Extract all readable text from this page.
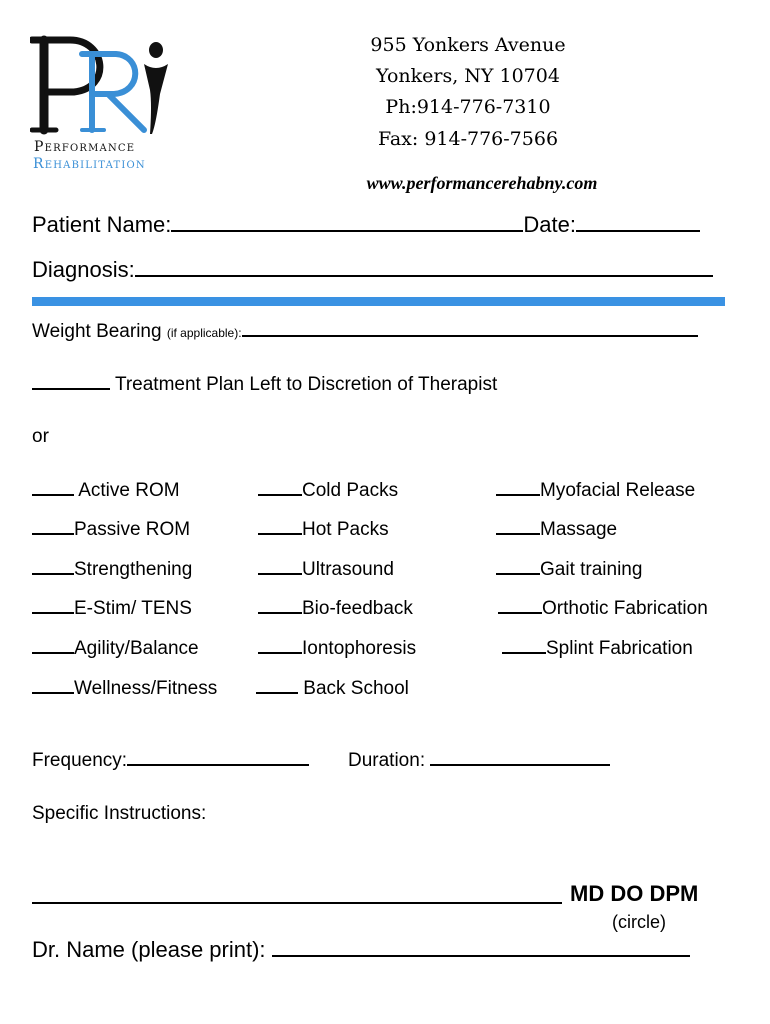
Performance
Rehabilitation
955 Yonkers Avenue
Yonkers, NY 10704
Ph:914-776-7310
Fax: 914-776-7566
www.performancerehabny.com
Patient Name:	Date:
Diagnosis:
Weight Bearing (if applicable):
Treatment Plan Left to Discretion of Therapist
or
Active ROM
Passive ROM
Strengthening
E-Stim/ TENS
Agility/Balance
Wellness/Fitness
Cold Packs
Hot Packs
Ultrasound
Bio-feedback
Iontophoresis
Back School
Myofacial Release
Massage
Gait training
Orthotic Fabrication
Splint Fabrication
Frequency:	Duration:
Specific Instructions:
MD DO DPM
(circle)
Dr. Name (please print):
